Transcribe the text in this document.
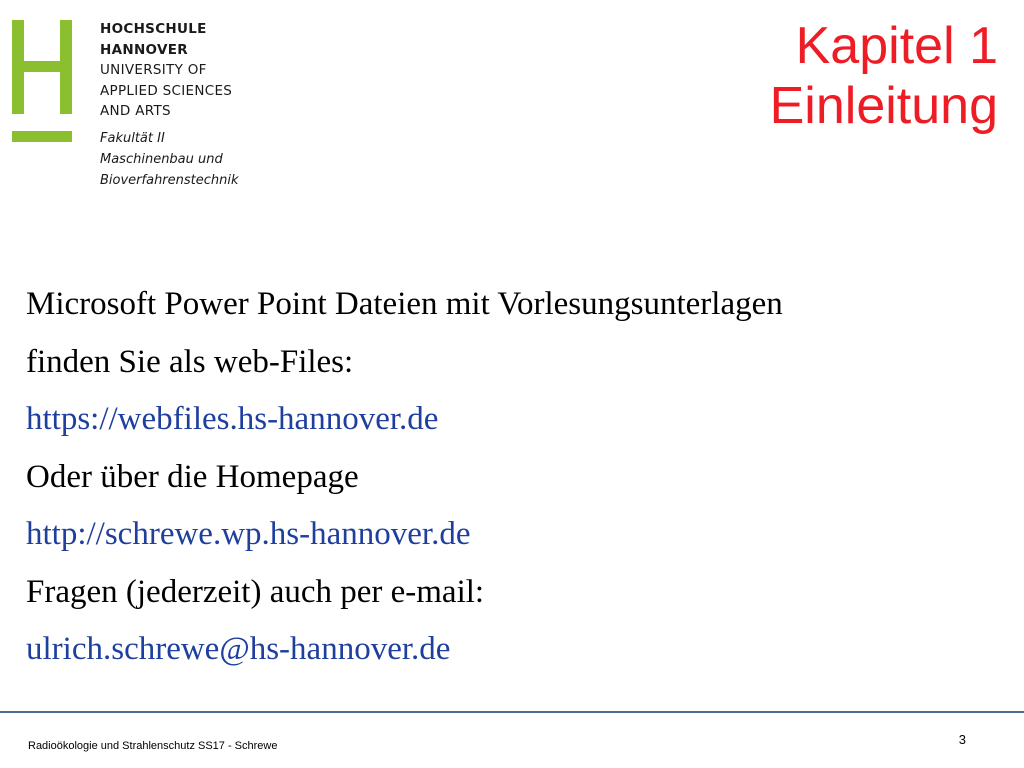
HOCHSCHULE
HANNOVER
UNIVERSITY OF
APPLIED SCIENCES
AND ARTS
Fakultät II
Maschinenbau und
Bioverfahrenstechnik
Kapitel 1
Einleitung
Microsoft Power Point Dateien mit Vorlesungsunterlagen
finden Sie als web-Files:
https://webfiles.hs-hannover.de
Oder über die Homepage
http://schrewe.wp.hs-hannover.de
Fragen (jederzeit) auch per e-mail:
ulrich.schrewe@hs-hannover.de
Radioökologie und Strahlenschutz SS17 - Schrewe	3
